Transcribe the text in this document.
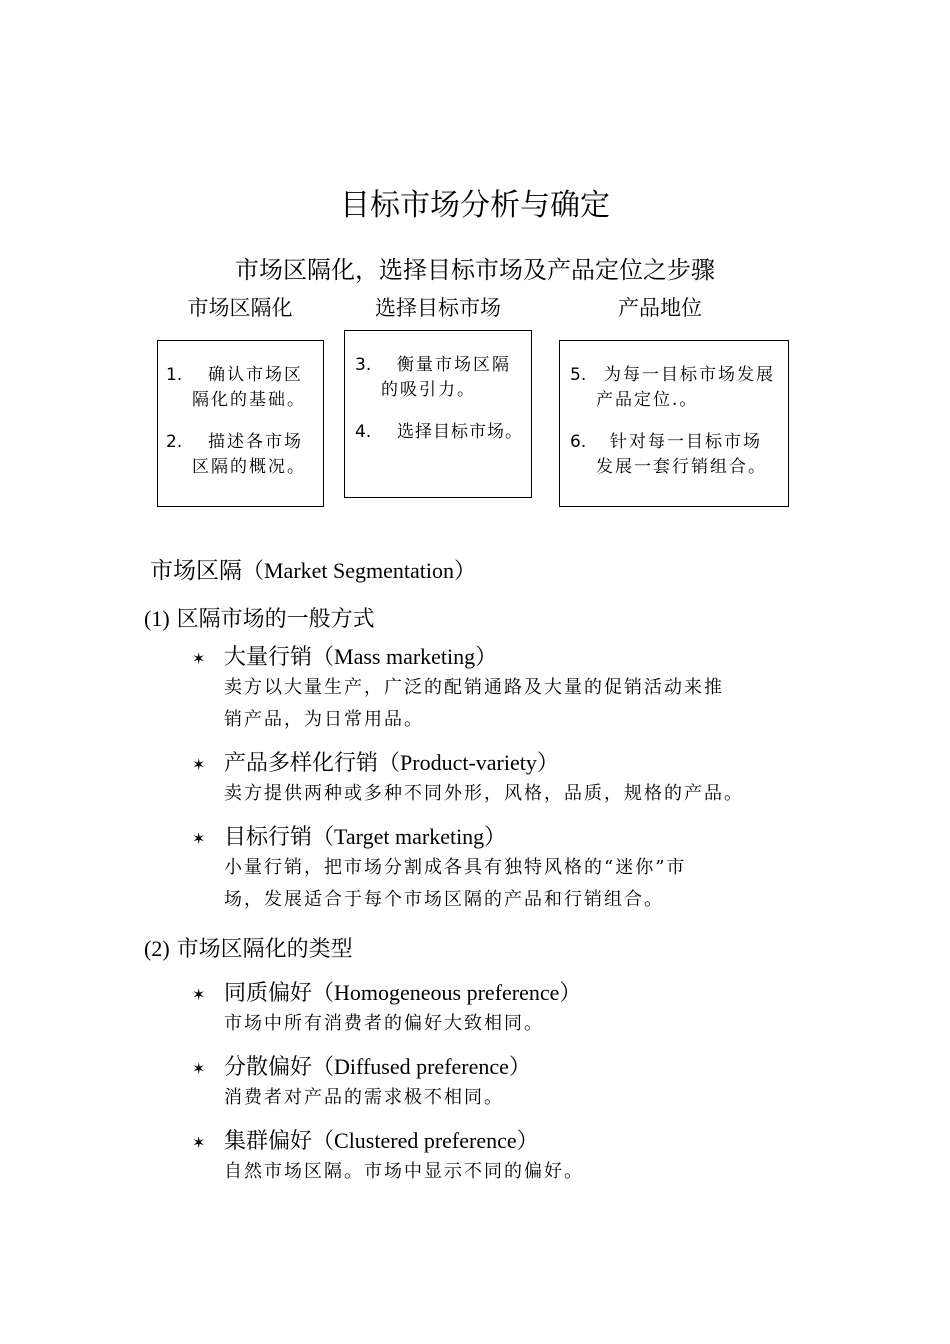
目标市场分析与确定
市场区隔化，选择目标市场及产品定位之步骤
市场区隔化	选择目标市场	产品地位
1.	确认市场区隔化的基础。
2.	描述各市场区隔的概况。
3.	衡量市场区隔的吸引力。
4.	选择目标市场。
5.	为每一目标市场发展产品定位.。
6.	针对每一目标市场发展一套行销组合。
市场区隔（Market Segmentation）
(1) 区隔市场的一般方式
✶ 大量行销 （Mass marketing）
卖方以大量生产，广泛的配销通路及大量的促销活动来推
销产品，为日常用品。
✶ 产品多样化行销 （Product-variety）
卖方提供两种或多种不同外形，风格，品质，规格的产品。
✶ 目标行销 （Target marketing）
小量行销，把市场分割成各具有独特风格的“迷你”市
场，发展适合于每个市场区隔的产品和行销组合。
(2) 市场区隔化的类型
✶ 同质偏好 （Homogeneous preference）
市场中所有消费者的偏好大致相同。
✶ 分散偏好 （Diffused preference）
消费者对产品的需求极不相同。
✶ 集群偏好 （Clustered preference）
自然市场区隔。市场中显示不同的偏好。
